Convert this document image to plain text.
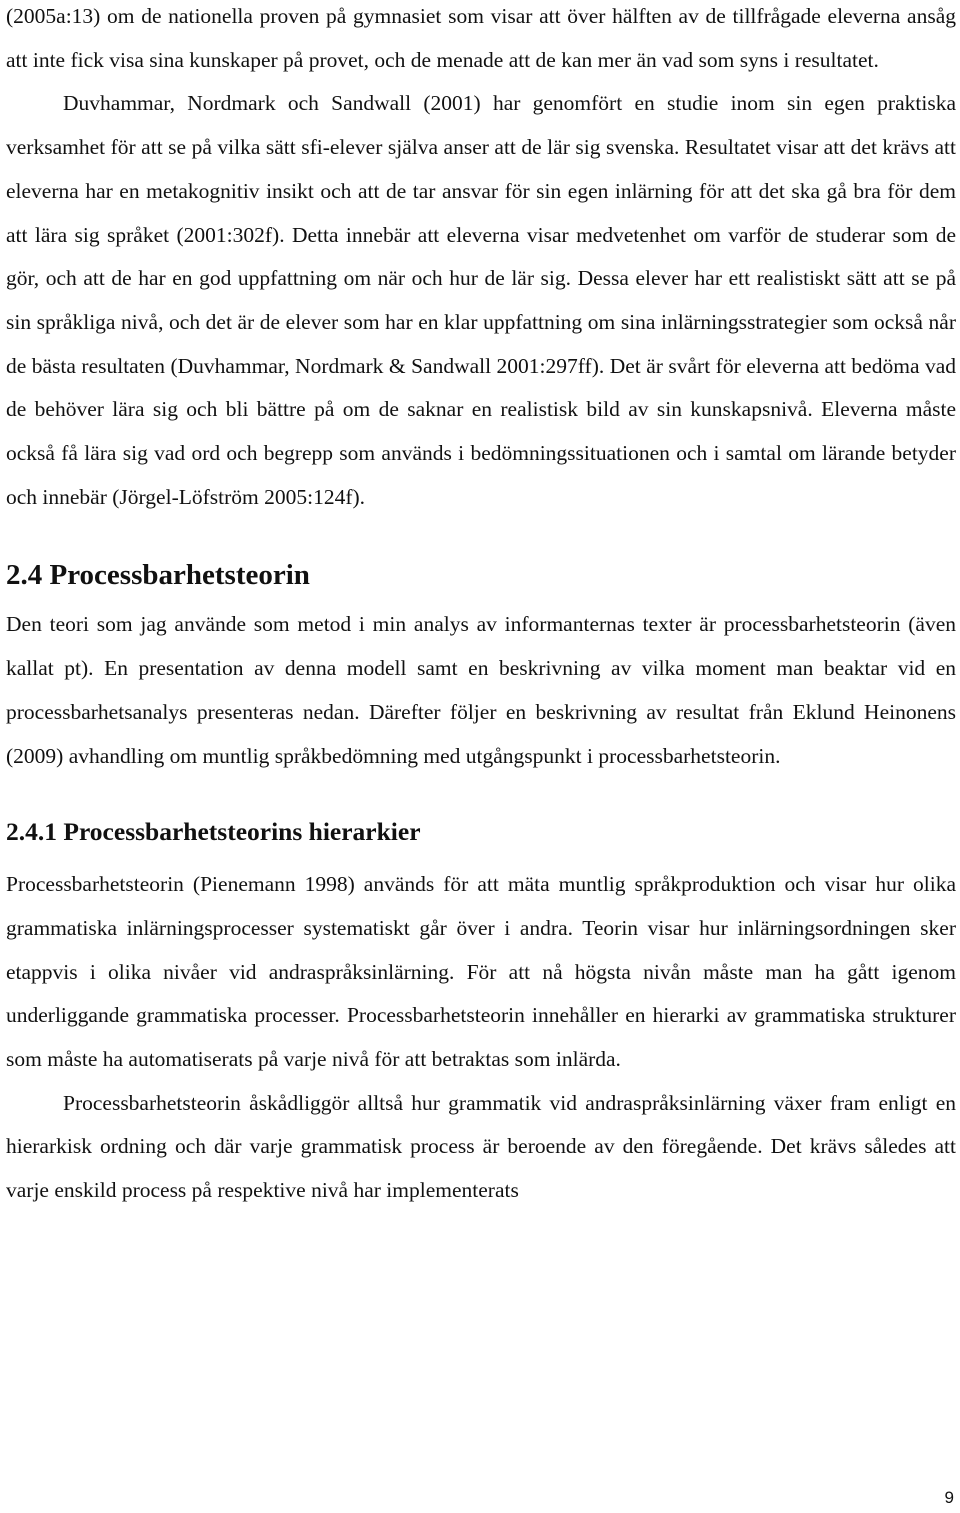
(2005a:13) om de nationella proven på gymnasiet som visar att över hälften av de tillfrågade eleverna ansåg att inte fick visa sina kunskaper på provet, och de menade att de kan mer än vad som syns i resultatet.

Duvhammar, Nordmark och Sandwall (2001) har genomfört en studie inom sin egen praktiska verksamhet för att se på vilka sätt sfi-elever själva anser att de lär sig svenska. Resultatet visar att det krävs att eleverna har en metakognitiv insikt och att de tar ansvar för sin egen inlärning för att det ska gå bra för dem att lära sig språket (2001:302f). Detta innebär att eleverna visar medvetenhet om varför de studerar som de gör, och att de har en god uppfattning om när och hur de lär sig. Dessa elever har ett realistiskt sätt att se på sin språkliga nivå, och det är de elever som har en klar uppfattning om sina inlärningsstrategier som också når de bästa resultaten (Duvhammar, Nordmark & Sandwall 2001:297ff). Det är svårt för eleverna att bedöma vad de behöver lära sig och bli bättre på om de saknar en realistisk bild av sin kunskapsnivå. Eleverna måste också få lära sig vad ord och begrepp som används i bedömningssituationen och i samtal om lärande betyder och innebär (Jörgel-Löfström 2005:124f).

2.4 Processbarhetsteorin

Den teori som jag använde som metod i min analys av informanternas texter är processbarhetsteorin (även kallat pt). En presentation av denna modell samt en beskrivning av vilka moment man beaktar vid en processbarhetsanalys presenteras nedan. Därefter följer en beskrivning av resultat från Eklund Heinonens (2009) avhandling om muntlig språkbedömning med utgångspunkt i processbarhetsteorin.

2.4.1 Processbarhetsteorins hierarkier

Processbarhetsteorin (Pienemann 1998) används för att mäta muntlig språkproduktion och visar hur olika grammatiska inlärningsprocesser systematiskt går över i andra. Teorin visar hur inlärningsordningen sker etappvis i olika nivåer vid andraspråksinlärning. För att nå högsta nivån måste man ha gått igenom underliggande grammatiska processer. Processbarhetsteorin innehåller en hierarki av grammatiska strukturer som måste ha automatiserats på varje nivå för att betraktas som inlärda.

Processbarhetsteorin åskådliggör alltså hur grammatik vid andraspråksinlärning växer fram enligt en hierarkisk ordning och där varje grammatisk process är beroende av den föregående. Det krävs således att varje enskild process på respektive nivå har implementerats

9
